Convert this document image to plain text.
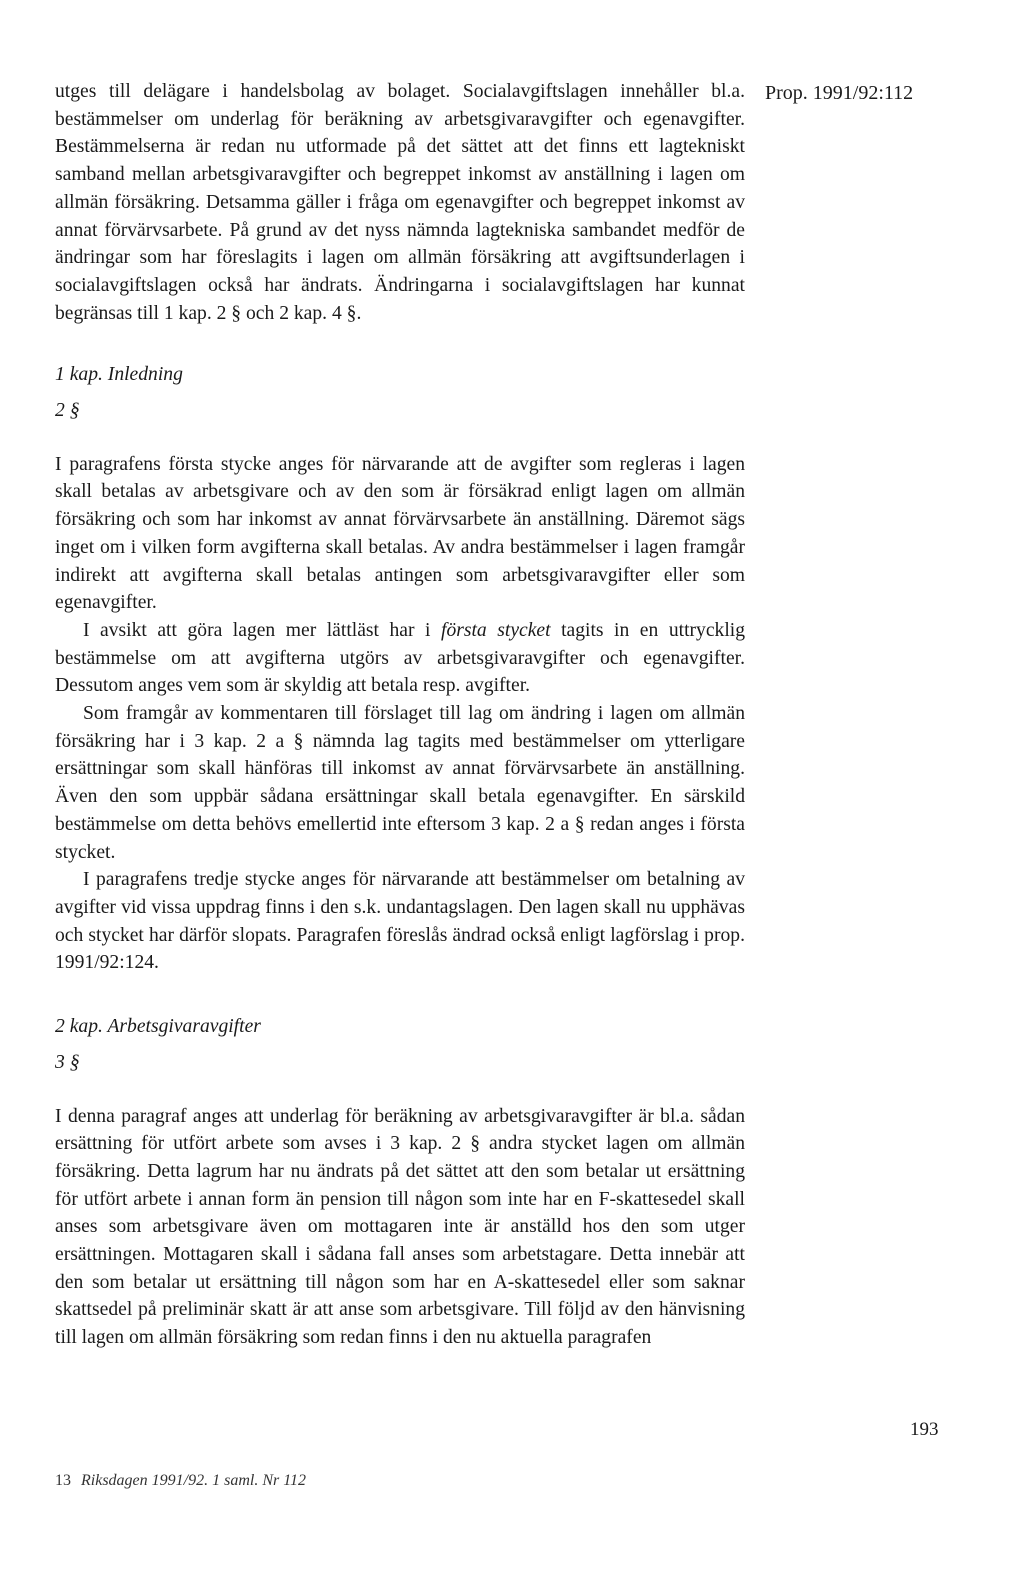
Prop. 1991/92:112

utges till delägare i handelsbolag av bolaget. Socialavgiftslagen innehåller bl.a. bestämmelser om underlag för beräkning av arbetsgivaravgifter och egenavgifter. Bestämmelserna är redan nu utformade på det sättet att det finns ett lagtekniskt samband mellan arbetsgivaravgifter och begreppet inkomst av anställning i lagen om allmän försäkring. Detsamma gäller i fråga om egenavgifter och begreppet inkomst av annat förvärvsarbete. På grund av det nyss nämnda lagtekniska sambandet medför de ändringar som har föreslagits i lagen om allmän försäkring att avgiftsunderlagen i socialavgiftslagen också har ändrats. Ändringarna i socialavgiftslagen har kunnat begränsas till 1 kap. 2 § och 2 kap. 4 §.

1 kap. Inledning

2 §

I paragrafens första stycke anges för närvarande att de avgifter som regleras i lagen skall betalas av arbetsgivare och av den som är försäkrad enligt lagen om allmän försäkring och som har inkomst av annat förvärvsarbete än anställning. Däremot sägs inget om i vilken form avgifterna skall betalas. Av andra bestämmelser i lagen framgår indirekt att avgifterna skall betalas antingen som arbetsgivaravgifter eller som egenavgifter.

I avsikt att göra lagen mer lättläst har i första stycket tagits in en uttrycklig bestämmelse om att avgifterna utgörs av arbetsgivaravgifter och egenavgifter. Dessutom anges vem som är skyldig att betala resp. avgifter.

Som framgår av kommentaren till förslaget till lag om ändring i lagen om allmän försäkring har i 3 kap. 2 a § nämnda lag tagits med bestämmelser om ytterligare ersättningar som skall hänföras till inkomst av annat förvärvsarbete än anställning. Även den som uppbär sådana ersättningar skall betala egenavgifter. En särskild bestämmelse om detta behövs emellertid inte eftersom 3 kap. 2 a § redan anges i första stycket.

I paragrafens tredje stycke anges för närvarande att bestämmelser om betalning av avgifter vid vissa uppdrag finns i den s.k. undantagslagen. Den lagen skall nu upphävas och stycket har därför slopats. Paragrafen föreslås ändrad också enligt lagförslag i prop. 1991/92:124.

2 kap. Arbetsgivaravgifter

3 §

I denna paragraf anges att underlag för beräkning av arbetsgivaravgifter är bl.a. sådan ersättning för utfört arbete som avses i 3 kap. 2 § andra stycket lagen om allmän försäkring. Detta lagrum har nu ändrats på det sättet att den som betalar ut ersättning för utfört arbete i annan form än pension till någon som inte har en F-skattesedel skall anses som arbetsgivare även om mottagaren inte är anställd hos den som utger ersättningen. Mottagaren skall i sådana fall anses som arbetstagare. Detta innebär att den som betalar ut ersättning till någon som har en A-skattesedel eller som saknar skattsedel på preliminär skatt är att anse som arbetsgivare. Till följd av den hänvisning till lagen om allmän försäkring som redan finns i den nu aktuella paragrafen

193
13 Riksdagen 1991/92. 1 saml. Nr 112
